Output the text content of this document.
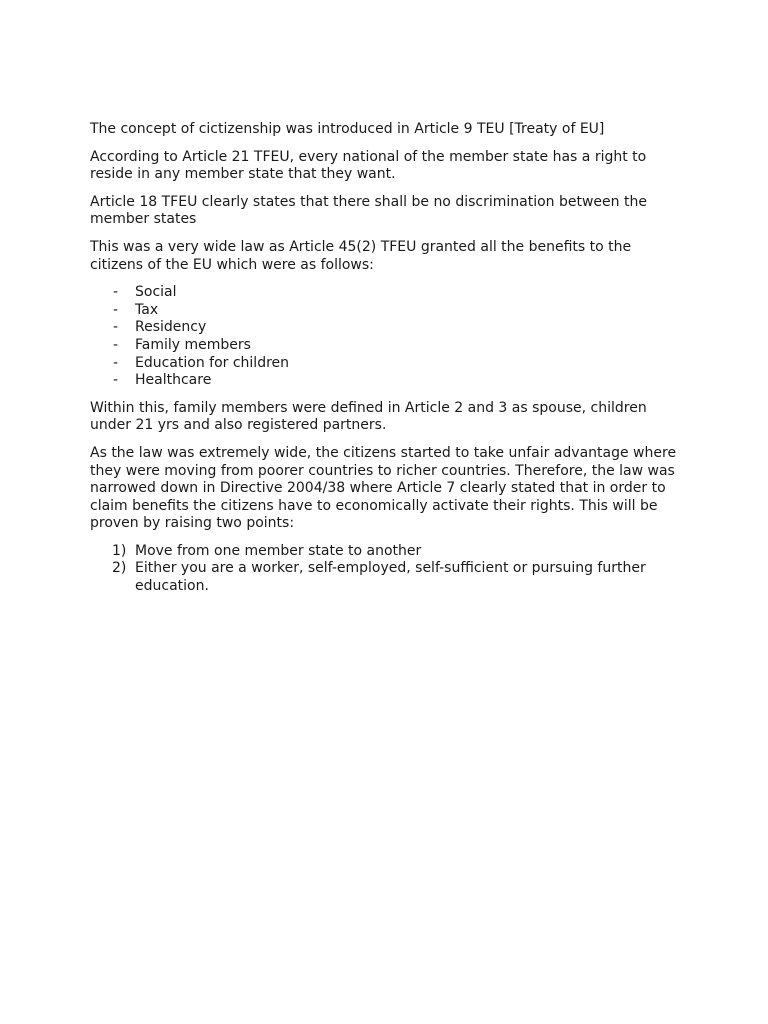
The concept of cictizenship was introduced in Article 9 TEU [Treaty of EU]

According to Article 21 TFEU, every national of the member state has a right to reside in any member state that they want.

Article 18 TFEU clearly states that there shall be no discrimination between the member states

This was a very wide law as Article 45(2) TFEU granted all the benefits to the citizens of the EU which were as follows:

- Social
- Tax
- Residency
- Family members
- Education for children
- Healthcare

Within this, family members were defined in Article 2 and 3 as spouse, children under 21 yrs and also registered partners.

As the law was extremely wide, the citizens started to take unfair advantage where they were moving from poorer countries to richer countries. Therefore, the law was narrowed down in Directive 2004/38 where Article 7 clearly stated that in order to claim benefits the citizens have to economically activate their rights. This will be proven by raising two points:

1) Move from one member state to another
2) Either you are a worker, self-employed, self-sufficient or pursuing further education.
